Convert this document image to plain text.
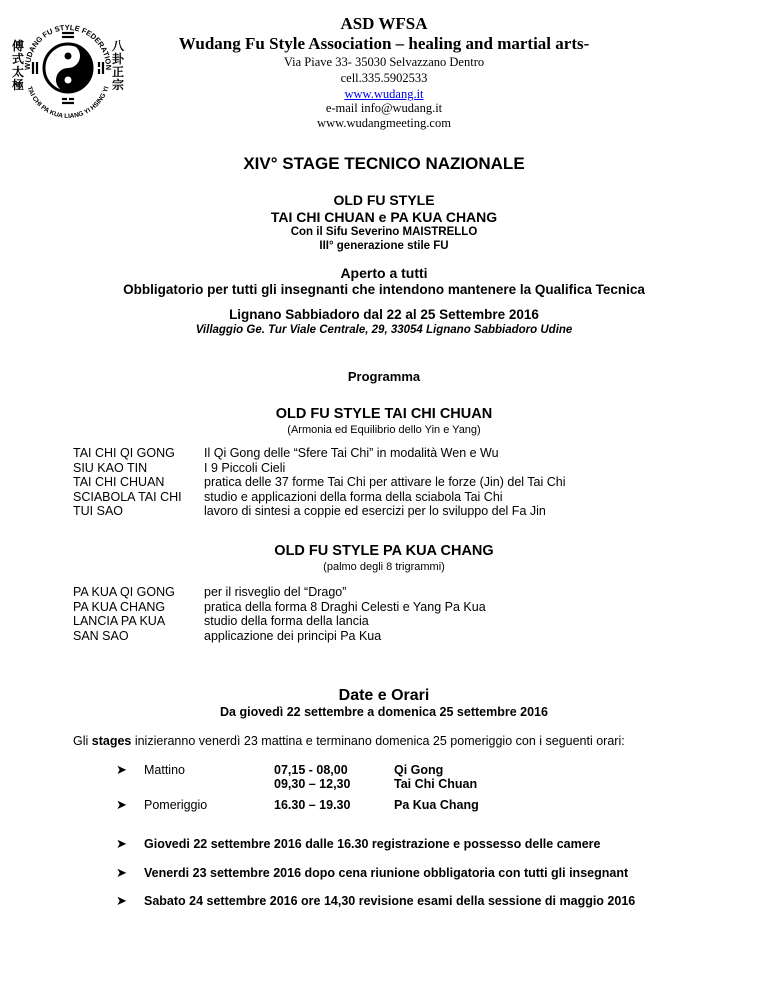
WUDANG FU STYLE FEDERATION
TAI CHI PA KUA LIANG YI HSING YI
傅 式 太 極
八 卦 正 宗
ASD WFSA
Wudang Fu Style Association – healing and martial arts-
Via Piave 33- 35030 Selvazzano Dentro
cell.335.5902533
www.wudang.it
e-mail info@wudang.it
www.wudangmeeting.com
XIV° STAGE TECNICO NAZIONALE
OLD FU STYLE
TAI CHI CHUAN e PA KUA CHANG
Con il Sifu Severino MAISTRELLO
III° generazione stile FU
Aperto a tutti
Obbligatorio per tutti gli insegnanti che intendono mantenere la Qualifica Tecnica
Lignano Sabbiadoro dal 22 al 25 Settembre 2016
Villaggio Ge. Tur Viale Centrale, 29, 33054 Lignano Sabbiadoro Udine
Programma
OLD FU STYLE TAI CHI CHUAN
(Armonia ed Equilibrio dello Yin e Yang)
TAI CHI QI GONG Il Qi Gong delle “Sfere Tai Chi” in modalità Wen e Wu
SIU KAO TIN	I 9 Piccoli Cieli
TAI CHI CHUAN	pratica delle 37 forme Tai Chi per attivare le forze (Jin) del Tai Chi
SCIABOLA TAI CHI studio e applicazioni della forma della sciabola Tai Chi
TUI SAO	lavoro di sintesi a coppie ed esercizi per lo sviluppo del Fa Jin
OLD FU STYLE PA KUA CHANG
(palmo degli 8 trigrammi)
PA KUA QI GONG per il risveglio del “Drago”
PA KUA CHANG	pratica della forma 8 Draghi Celesti e Yang Pa Kua
LANCIA PA KUA	studio della forma della lancia
SAN SAO	applicazione dei principi Pa Kua
Date e Orari
Da giovedì 22 settembre a domenica 25 settembre 2016
Gli stages inizieranno venerdì 23 mattina e terminano domenica 25 pomeriggio con i seguenti orari:
➤ Mattino	07,15 - 08,00	Qi Gong
09,30 – 12,30	Tai Chi Chuan
➤ Pomeriggio	16.30 – 19.30	Pa Kua Chang
➤ Giovedi 22 settembre 2016 dalle 16.30 registrazione e possesso delle camere
➤ Venerdi 23 settembre 2016 dopo cena riunione obbligatoria con tutti gli insegnant
➤ Sabato 24 settembre 2016 ore 14,30 revisione esami della sessione di maggio 2016
